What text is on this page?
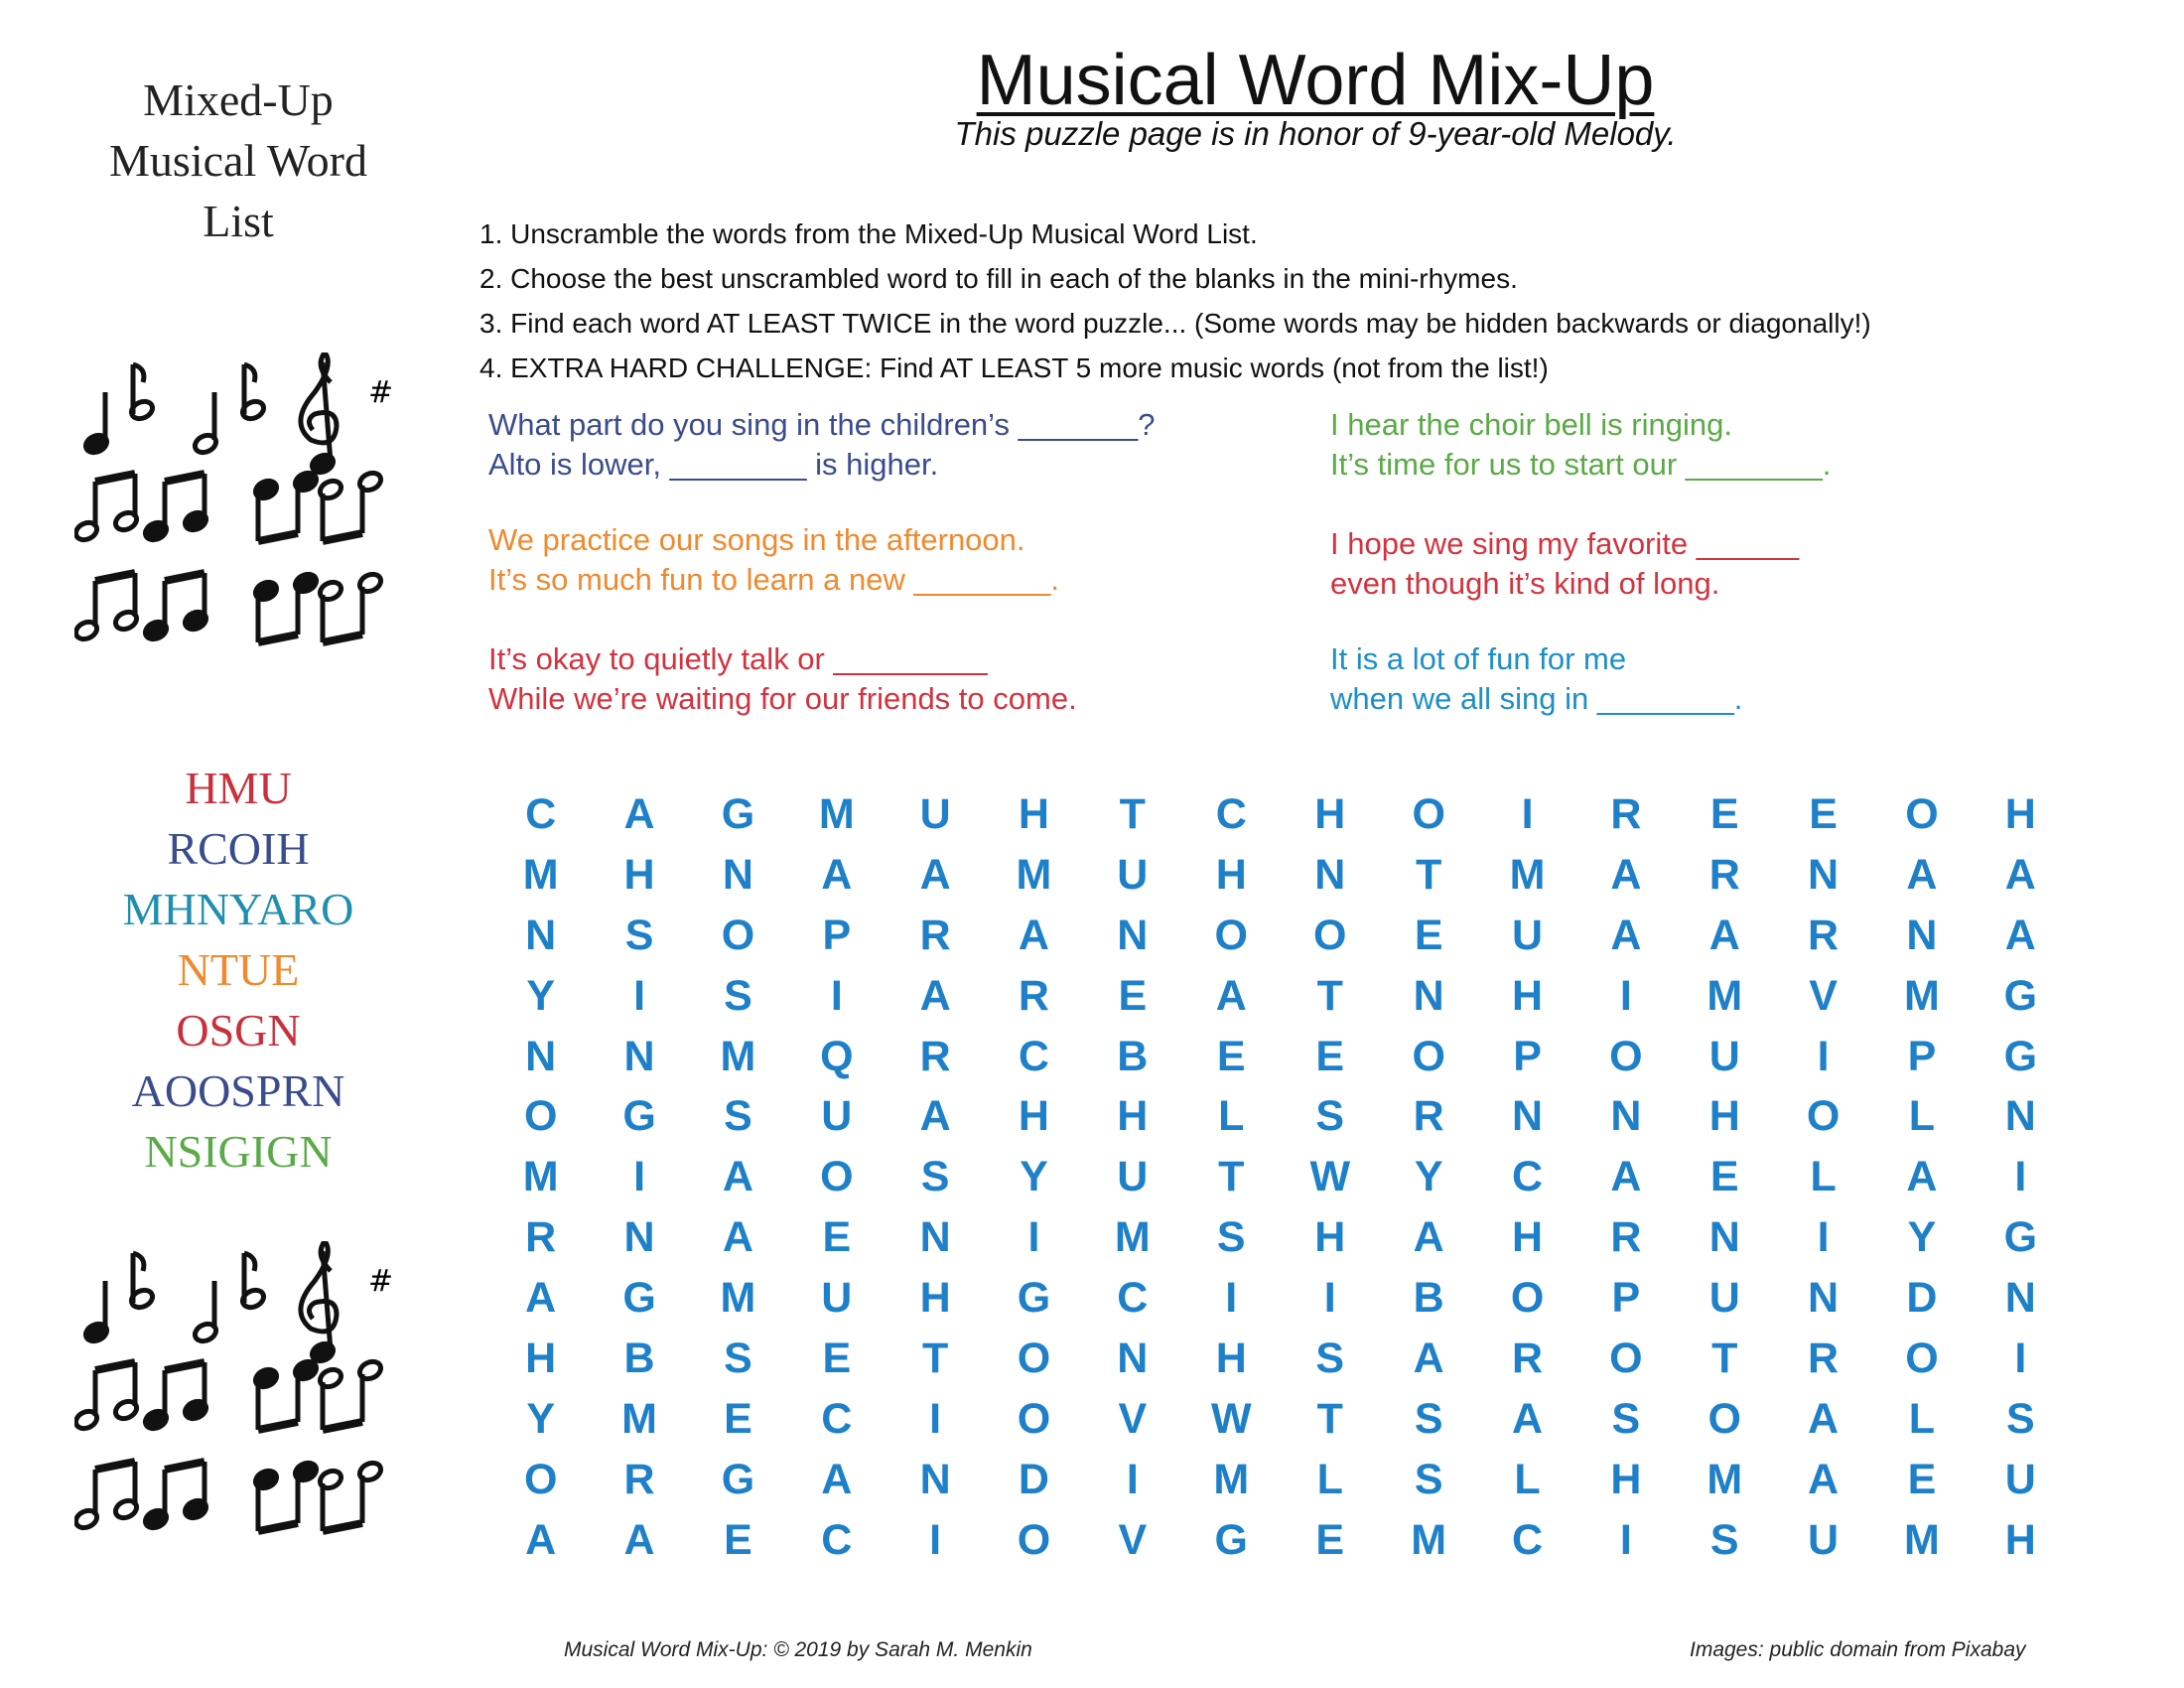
Mixed-Up
Musical Word
List
#
#
HMU
RCOIH
MHNYARO
NTUE
OSGN
AOOSPRN
NSIGIGN
Musical Word Mix-Up
This puzzle page is in honor of 9-year-old Melody.
1. Unscramble the words from the Mixed-Up Musical Word List.
2. Choose the best unscrambled word to fill in each of the blanks in the mini-rhymes.
3. Find each word AT LEAST TWICE in the word puzzle... (Some words may be hidden backwards or diagonally!)
4. EXTRA HARD CHALLENGE: Find AT LEAST 5 more music words (not from the list!)
What part do you sing in the children’s _______?
Alto is lower, ________ is higher.
I hear the choir bell is ringing.
It’s time for us to start our ________.
We practice our songs in the afternoon.
It’s so much fun to learn a new ________.
I hope we sing my favorite ______
even though it’s kind of long.
It’s okay to quietly talk or _________
While we’re waiting for our friends to come.
It is a lot of fun for me
when we all sing in ________.
C	A	G	M	U	H	T	C	H	O	I	R	E	E	O	H
M	H	N	A	A	M	U	H	N	T	M	A	R	N	A	A
N	S	O	P	R	A	N	O	O	E	U	A	A	R	N	A
Y	I	S	I	A	R	E	A	T	N	H	I	M	V	M	G
N	N	M	Q	R	C	B	E	E	O	P	O	U	I	P	G
O	G	S	U	A	H	H	L	S	R	N	N	H	O	L	N
M	I	A	O	S	Y	U	T	W	Y	C	A	E	L	A	I
R	N	A	E	N	I	M	S	H	A	H	R	N	I	Y	G
A	G	M	U	H	G	C	I	I	B	O	P	U	N	D	N
H	B	S	E	T	O	N	H	S	A	R	O	T	R	O	I
Y	M	E	C	I	O	V	W	T	S	A	S	O	A	L	S
O	R	G	A	N	D	I	M	L	S	L	H	M	A	E	U
A	A	E	C	I	O	V	G	E	M	C	I	S	U	M	H
Musical Word Mix-Up: © 2019 by Sarah M. Menkin	Images: public domain from Pixabay
